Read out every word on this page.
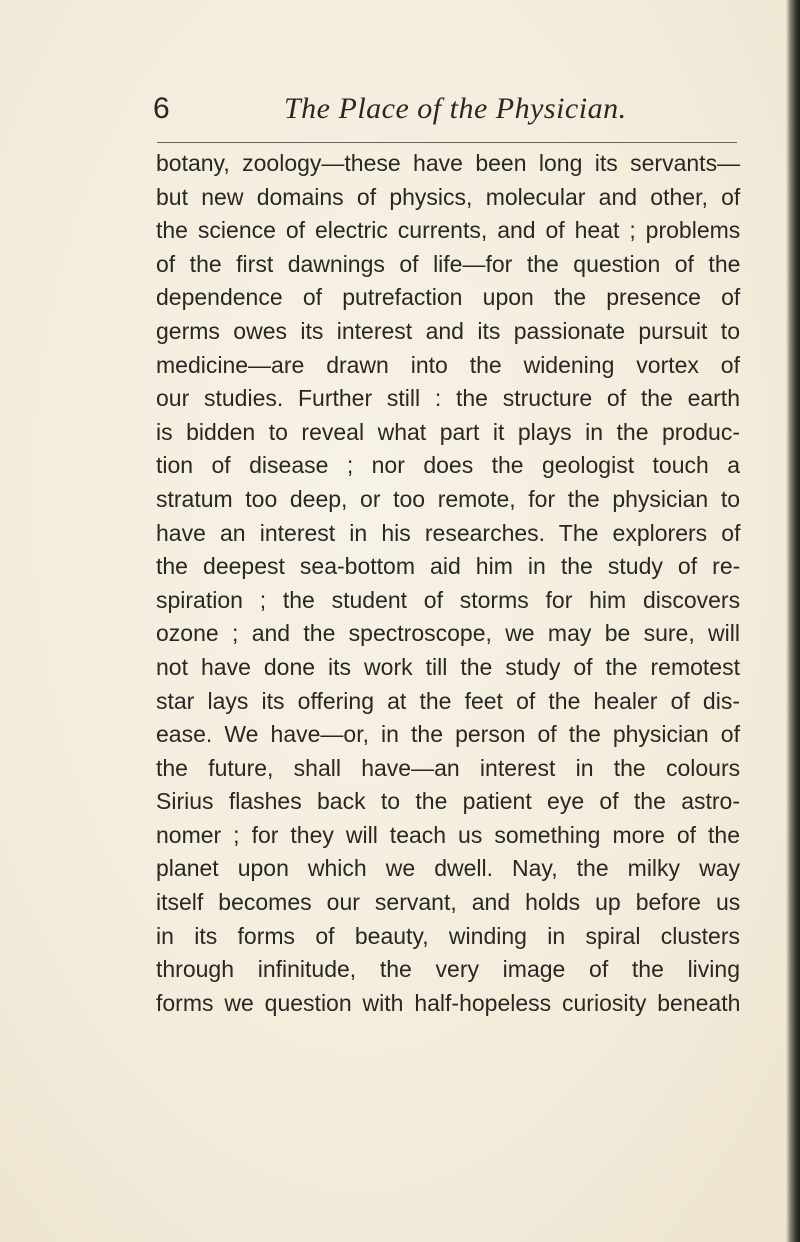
6	The Place of the Physician.
botany, zoology—these have been long its servants—
but new domains of physics, molecular and other, of
the science of electric currents, and of heat ; problems
of the first dawnings of life—for the question of the
dependence of putrefaction upon the presence of
germs owes its interest and its passionate pursuit to
medicine—are drawn into the widening vortex of
our studies. Further still : the structure of the earth
is bidden to reveal what part it plays in the produc-
tion of disease ; nor does the geologist touch a
stratum too deep, or too remote, for the physician to
have an interest in his researches. The explorers of
the deepest sea-bottom aid him in the study of re-
spiration ; the student of storms for him discovers
ozone ; and the spectroscope, we may be sure, will
not have done its work till the study of the remotest
star lays its offering at the feet of the healer of dis-
ease. We have—or, in the person of the physician of
the future, shall have—an interest in the colours
Sirius flashes back to the patient eye of the astro-
nomer ; for they will teach us something more of the
planet upon which we dwell. Nay, the milky way
itself becomes our servant, and holds up before us
in its forms of beauty, winding in spiral clusters
through infinitude, the very image of the living
forms we question with half-hopeless curiosity beneath
